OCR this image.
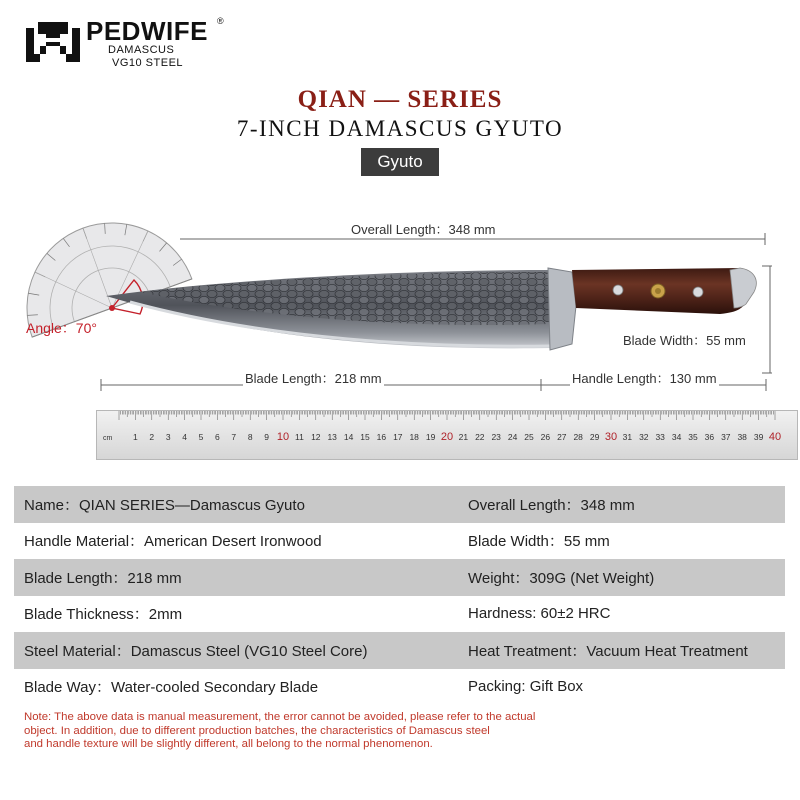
PEDWIFE ®
DAMASCUS
VG10 STEEL
QIAN — SERIES
7-INCH DAMASCUS GYUTO
Gyuto
Angle：70°
Overall Length：348 mm
Blade Width：55 mm
Blade Length：218 mm	Handle Length：130 mm
cm 1 2 3 4 5 6 7 8 9 10 11 12 13 14 15 16 17 18 19 20 21 22 23 24 25 26 27 28 29 30 31 32 33 34 35 36 37 38 39 40
Name：QIAN SERIES—Damascus Gyuto	Overall Length：348 mm
Handle Material：American Desert Ironwood	Blade Width：55 mm
Blade Length：218 mm	Weight：309G (Net Weight)
Blade Thickness：2mm	Hardness: 60±2 HRC
Steel Material：Damascus Steel (VG10 Steel Core)	Heat Treatment：Vacuum Heat Treatment
Blade Way：Water-cooled Secondary Blade	Packing: Gift Box
Note: The above data is manual measurement, the error cannot be avoided, please refer to the actual
object. In addition, due to different production batches, the characteristics of Damascus steel
and handle texture will be slightly different, all belong to the normal phenomenon.
